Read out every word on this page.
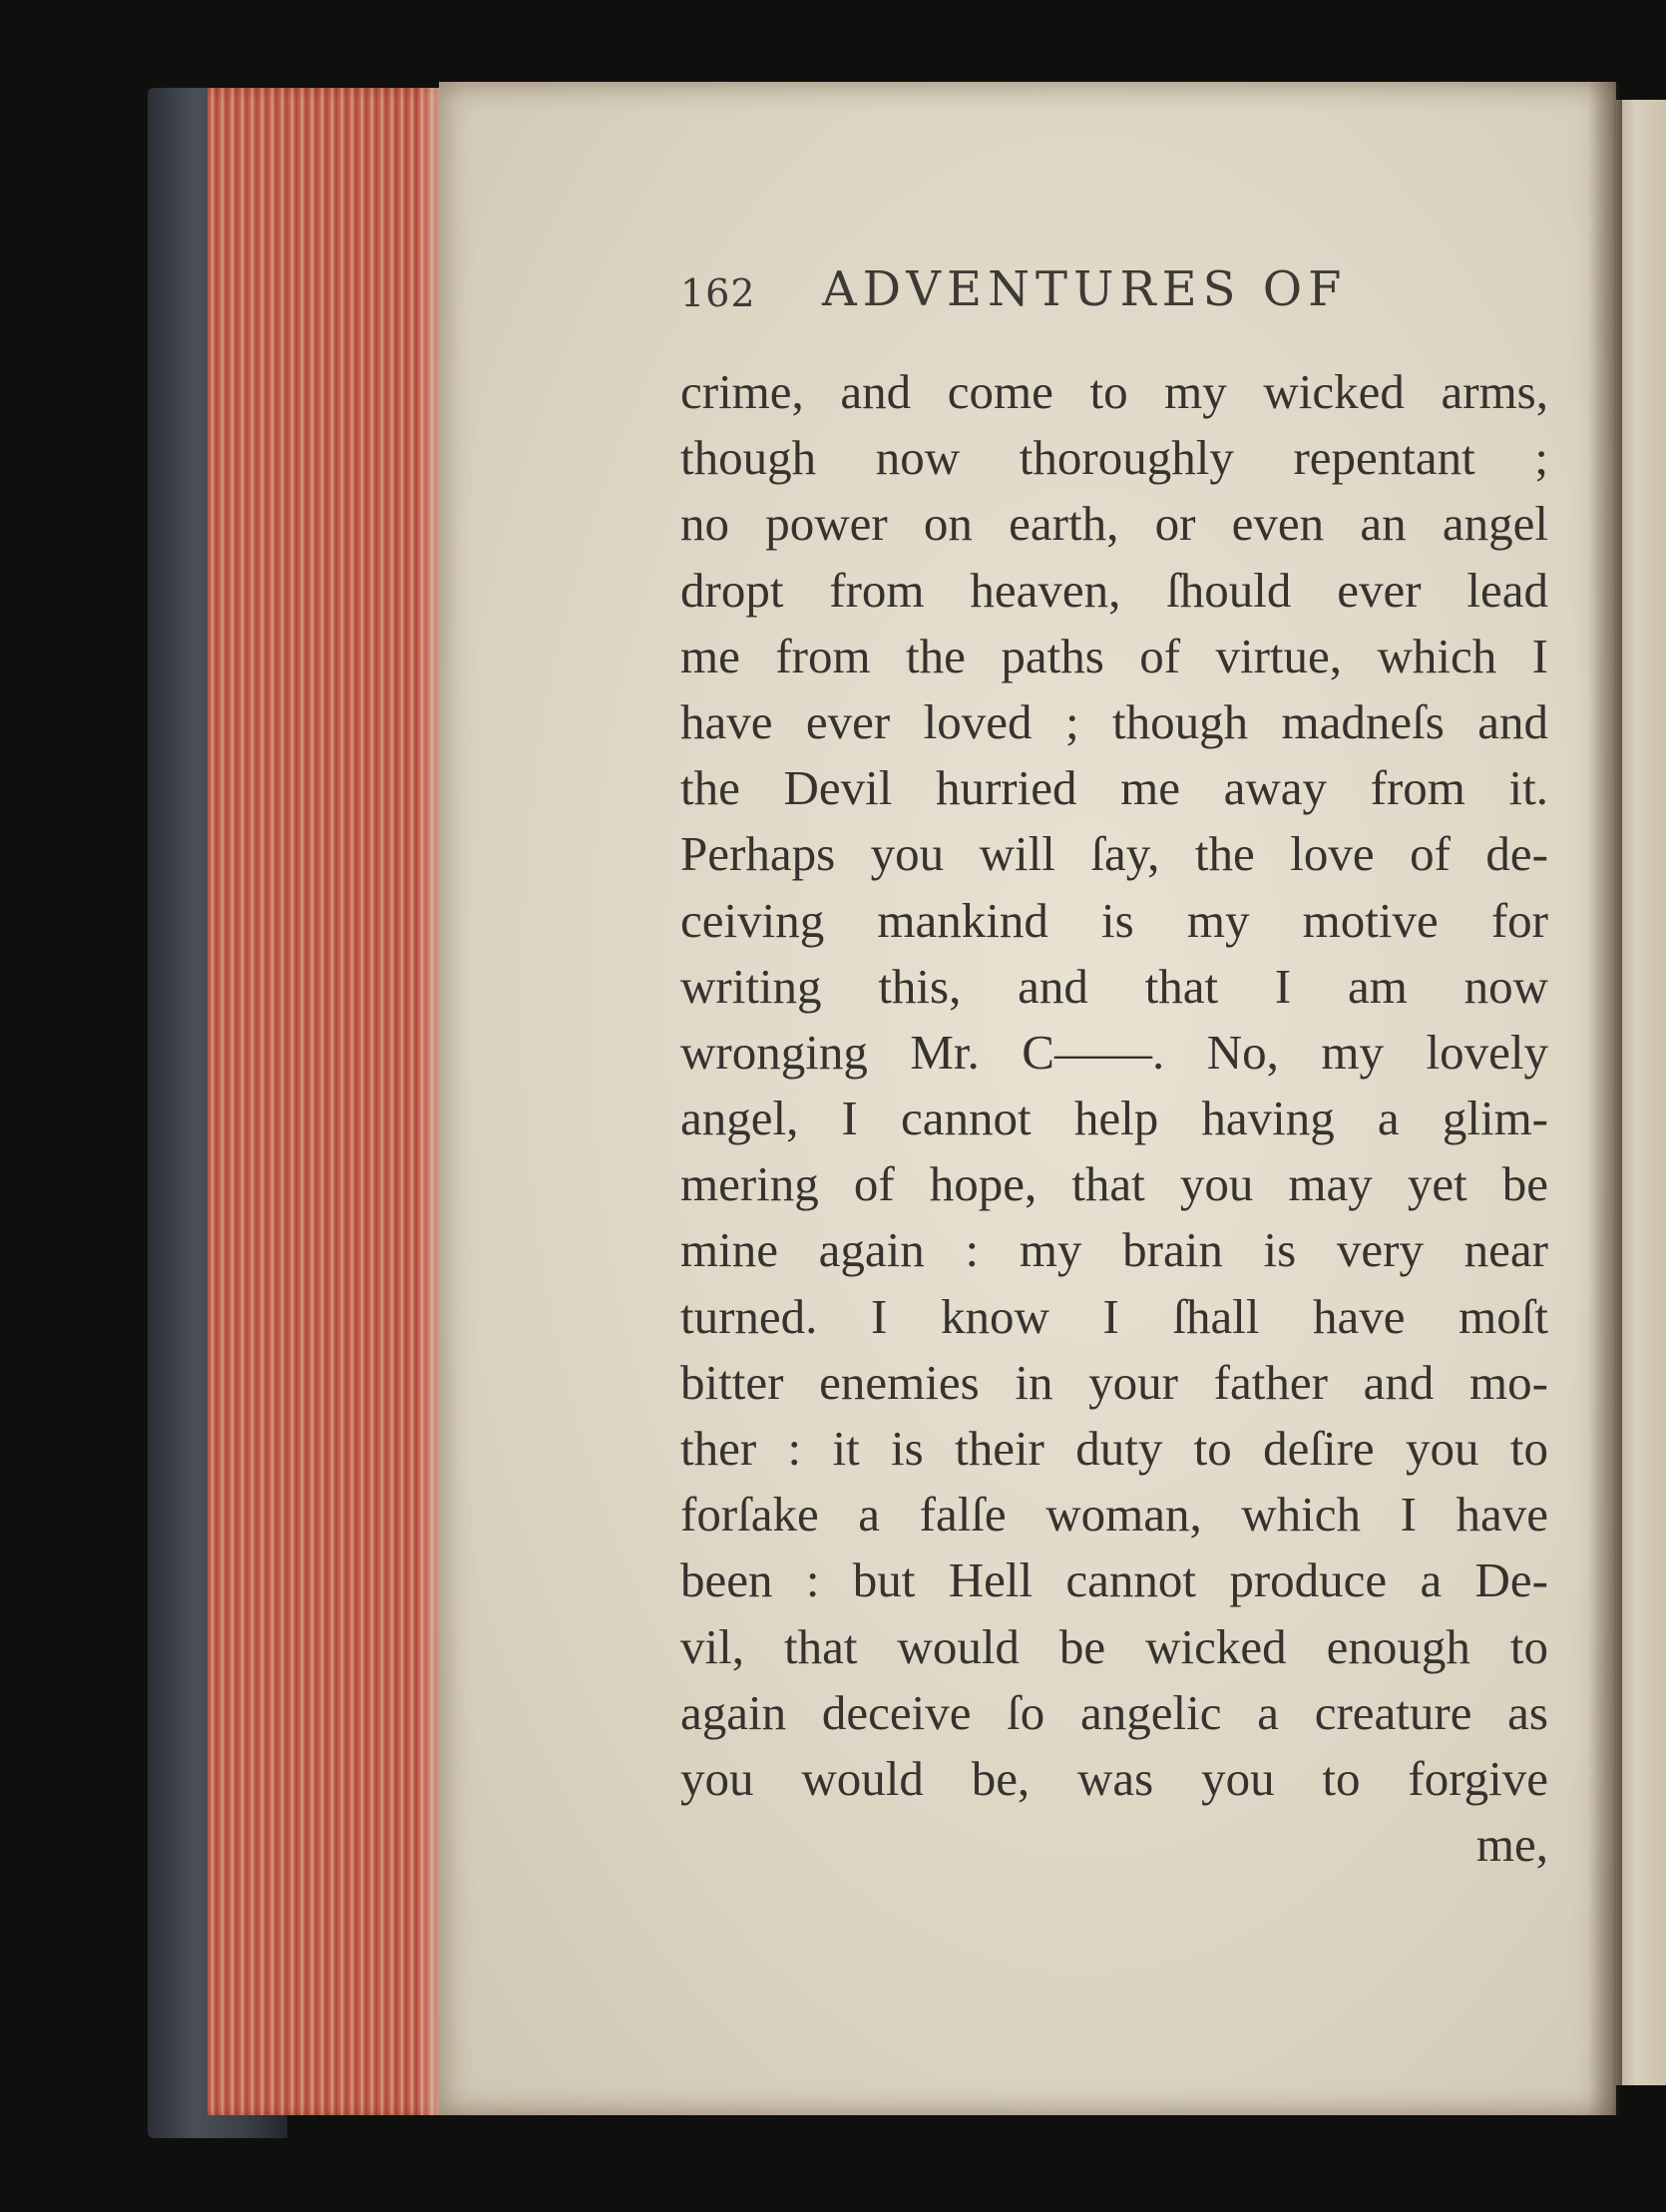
162 ADVENTURES OF
crime, and come to my wicked arms,
though now thoroughly repentant ;
no power on earth, or even an angel
dropt from heaven, ſhould ever lead
me from the paths of virtue, which I
have ever loved ; though madneſs and
the Devil hurried me away from it.
Perhaps you will ſay, the love of de-
ceiving mankind is my motive for
writing this, and that I am now
wronging Mr. C——. No, my lovely
angel, I cannot help having a glim-
mering of hope, that you may yet be
mine again : my brain is very near
turned. I know I ſhall have moſt
bitter enemies in your father and mo-
ther : it is their duty to deſire you to
forſake a falſe woman, which I have
been : but Hell cannot produce a De-
vil, that would be wicked enough to
again deceive ſo angelic a creature as
you would be, was you to forgive
me,
